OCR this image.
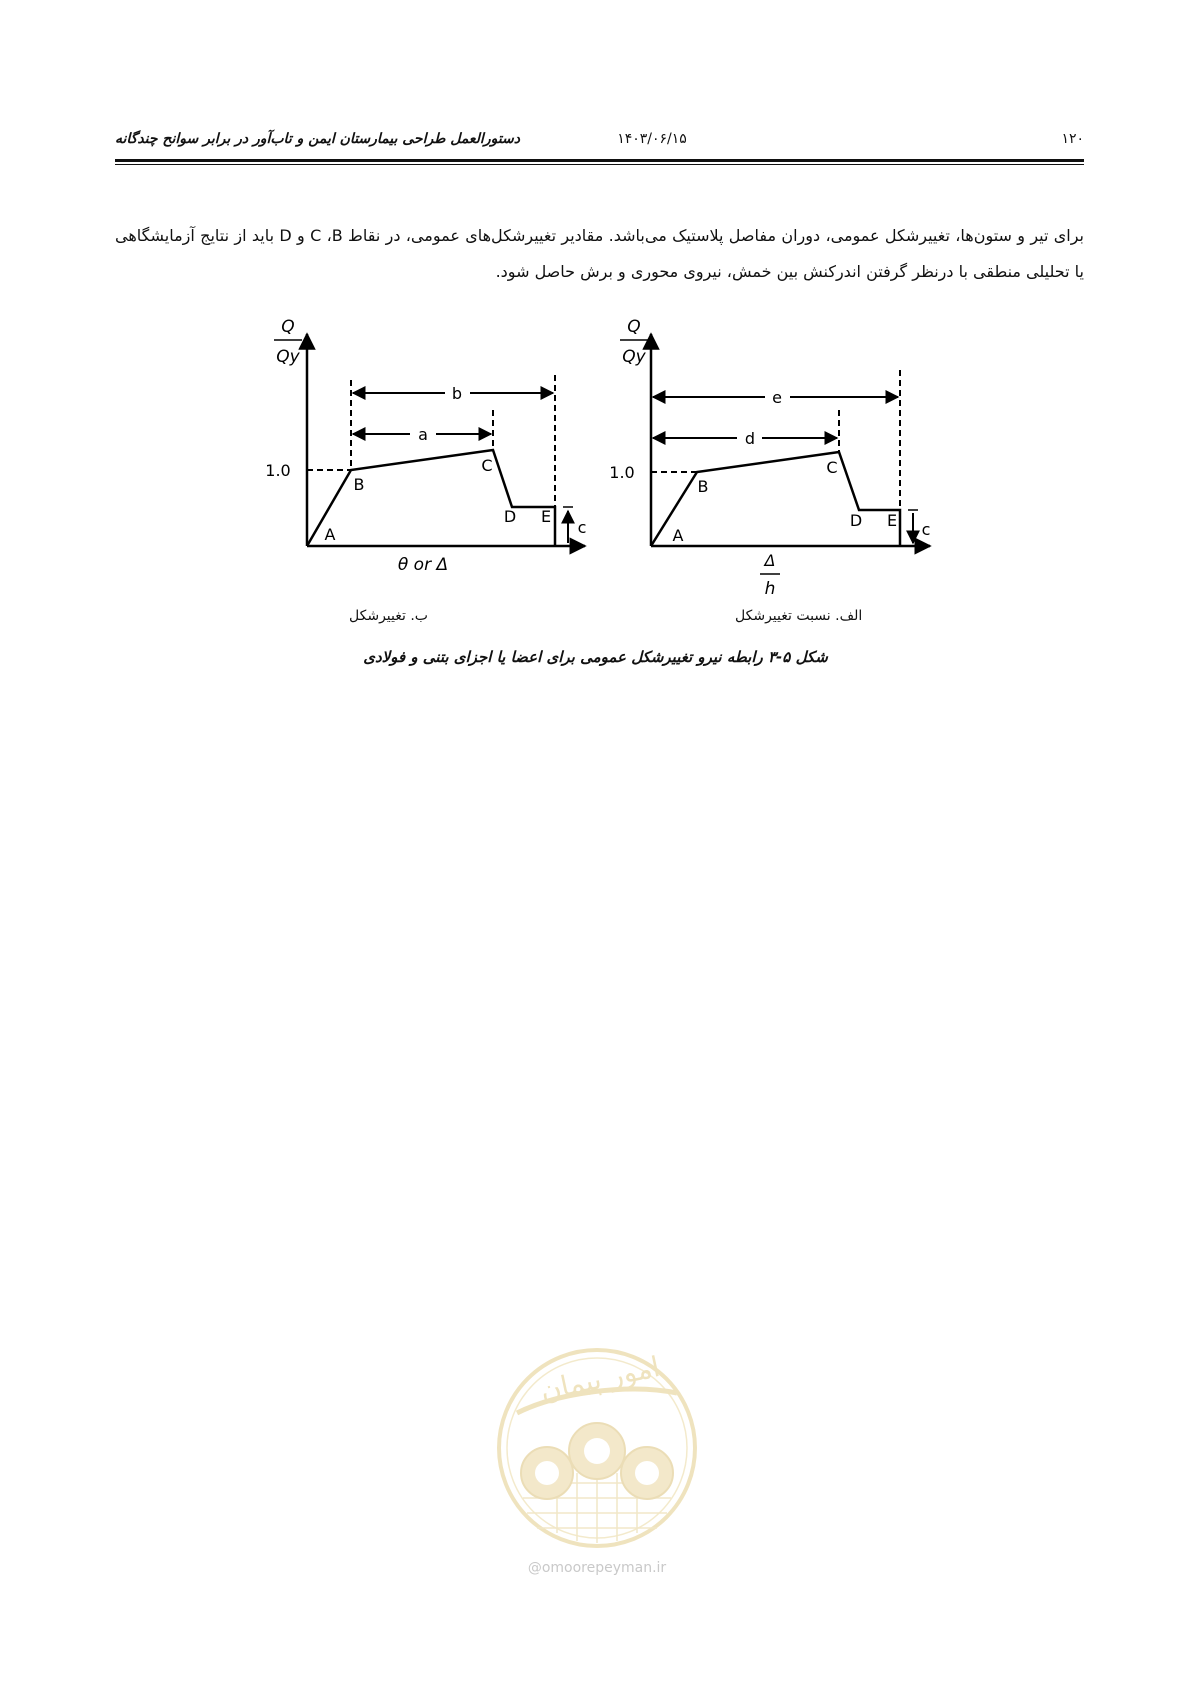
۱۲۰
۱۴۰۳/۰۶/۱۵
دستورالعمل طراحی بیمارستان ایمن و تاب‌آور در برابر سوانح چندگانه

برای تیر و ستون‌ها، تغییرشکل عمومی، دوران مفاصل پلاستیک می‌باشد. مقادیر تغییرشکل‌های عمومی، در نقاط C ،B و D باید از نتایج آزمایشگاهی یا تحلیلی منطقی با درنظر گرفتن اندرکنش بین خمش، نیروی محوری و برش حاصل شود.

Q
Qy
1.0
b
a
c
A
B
C
D E
θ or Δ
Q
Qy
1.0
e
d
c
A
B
C
D E
Δ
h
ب. تغییرشکل	الف. نسبت تغییرشکل
شکل ۵-۳ رابطه نیرو تغییرشکل عمومی برای اعضا یا اجزای بتنی و فولادی
امور پیمان
@omoorepeyman.ir
